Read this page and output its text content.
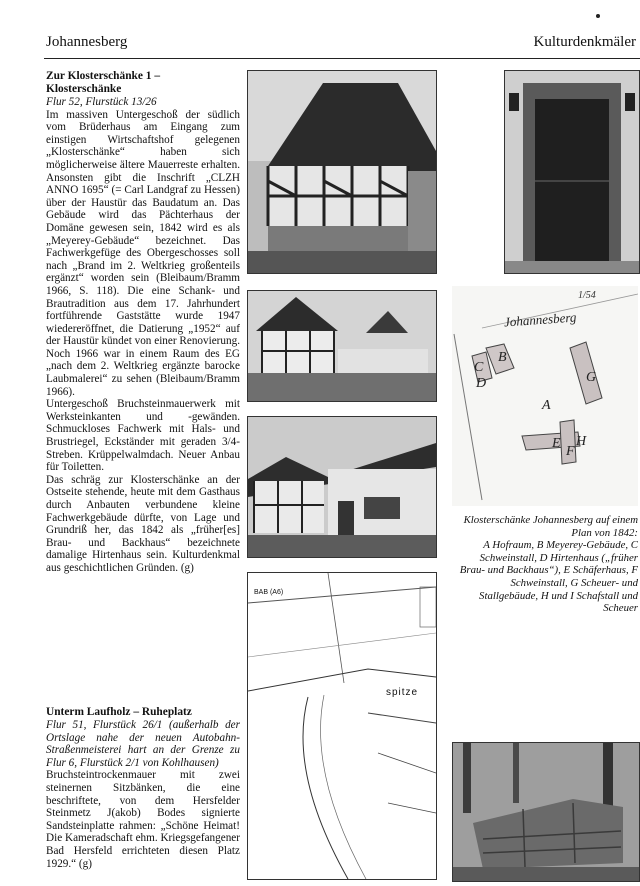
Johannesberg	Kulturdenkmäler
Zur Klosterschänke 1 –
Klosterschänke
Flur 52, Flurstück 13/26

Im massiven Untergeschoß der südlich vom Brüderhaus am Eingang zum einstigen Wirtschaftshof gelegenen „Klosterschänke“ haben sich möglicherweise ältere Mauerreste erhalten. Ansonsten gibt die Inschrift „CLZH ANNO 1695“ (= Carl Landgraf zu Hessen) über der Haustür das Baudatum an. Das Gebäude wird das Pächterhaus der Domäne gewesen sein, 1842 wird es als „Meyerey-Gebäude“ bezeichnet. Das Fachwerkgefüge des Obergeschosses soll nach „Brand im 2. Weltkrieg großenteils ergänzt“ worden sein (Bleibaum/Bramm 1966, S. 118). Die eine Schank- und Brautradition aus dem 17. Jahrhundert fortführende Gaststätte wurde 1947 wiedereröffnet, die Datierung „1952“ auf der Haustür kündet von einer Renovierung. Noch 1966 war in einem Raum des EG „nach dem 2. Weltkrieg ergänzte barocke Laubmalerei“ zu sehen (Bleibaum/Bramm 1966).

Untergeschoß Bruchsteinmauerwerk mit Werksteinkanten und -gewänden. Schmuckloses Fachwerk mit Hals- und Brustriegel, Eckständer mit geraden 3/4-Streben. Krüppelwalmdach. Neuer Anbau für Toiletten.

Das schräg zur Klosterschänke an der Ostseite stehende, heute mit dem Gasthaus durch Anbauten verbundene kleine Fachwerkgebäude dürfte, von Lage und Grundriß her, das 1842 als „früher[es] Brau- und Backhaus“ bezeichnete damalige Hirtenhaus sein. Kulturdenkmal aus geschichtlichen Gründen. (g)

Unterm Laufholz – Ruheplatz
Flur 51, Flurstück 26/1 (außerhalb der Ortslage nahe der neuen Autobahn-Straßenmeisterei hart an der Grenze zu Flur 6, Flurstück 2/1 von Kohlhausen)

Bruchsteintrockenmauer mit zwei steinernen Sitzbänken, die eine beschriftete, von dem Hersfelder Steinmetz J(akob) Bodes signierte Sandsteinplatte rahmen: „Schöne Heimat! Die Kameradschaft ehm. Kriegsgefangener Bad Hersfeld errichteten diesen Platz 1929.“ (g)

1/54
Johannesberg
A
B
C
D
E
F
G
H
Klosterschänke Johannesberg auf einem Plan von 1842:
A Hofraum, B Meyerey-Gebäude, C Schweinstall, D Hirtenhaus („früher Brau- und Backhaus“), E Schäferhaus, F Schweinstall, G Scheuer- und Stallgebäude, H und I Schafstall und Scheuer
BAB (A6)
spitze
